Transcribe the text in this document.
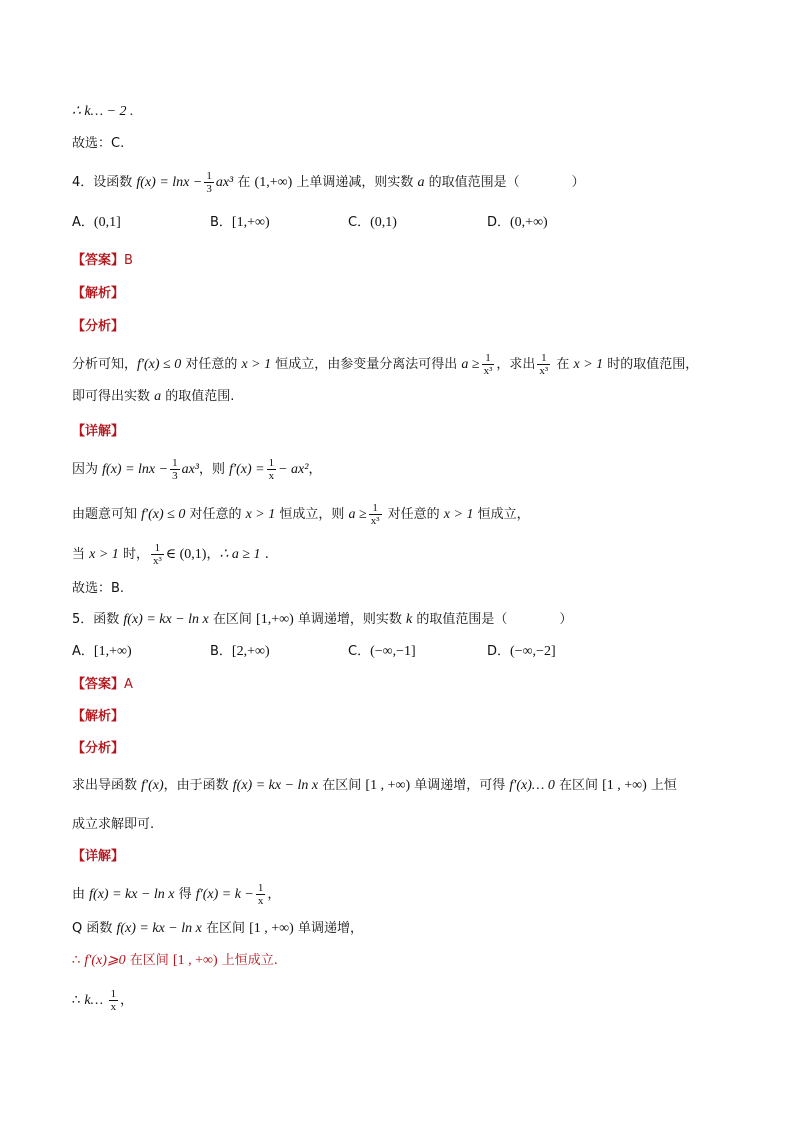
∴ k… − 2 .
故选：C.
4．设函数 $f(x) = \ln x - \frac{1}{3} ax^3$ 在 (1,+∞) 上单调递减，则实数 a 的取值范围是（　　　　）
A．(0,1]	B．[1,+∞)	C．(0,1)	D．(0,+∞)
【答案】B
【解析】
【分析】
分析可知，f′(x) ≤ 0 对任意的 x > 1 恒成立，由参变量分离法可得出 $a \ge \frac{1}{\text{x³}}$ ，求出 $\frac{1}{\text{x³}}$ 在 x > 1 时的取值范围，
即可得出实数 a 的取值范围.
【详解】
因为 $f(x) = \ln x - \frac{1}{3} ax^3$，则 $f'(x) = \frac{1}{x} - ax^2$，
由题意可知 f′(x) ≤ 0 对任意的 x > 1 恒成立，则 $a \ge \frac{1}{\text{x³}}$ 对任意的 x > 1 恒成立，
当 x > 1 时， $\frac{1}{\text{x³}}$ ∈ (0,1)，∴ a ≥ 1 .
故选：B.
5．函数 f(x) = kx − ln x 在区间 [1,+∞) 单调递增，则实数 k 的取值范围是（　　　　）
A．[1,+∞)	B．[2,+∞)	C．(−∞,−1]	D．(−∞,−2]
【答案】A
【解析】
【分析】
求出导函数 f′(x)，由于函数 f(x) = kx − ln x 在区间 [1 , +∞) 单调递增，可得 f′(x)… 0 在区间 [1 , +∞) 上恒
成立求解即可.
【详解】
由 f(x) = kx − ln x 得 $f'(x) = k - \frac{1}{x}$ ，
Q 函数 f(x) = kx − ln x 在区间 [1 , +∞) 单调递增，
∴ f′(x)⩾0 在区间 [1 , +∞) 上恒成立.
∴ k… $\frac{1}{x}$ ，
